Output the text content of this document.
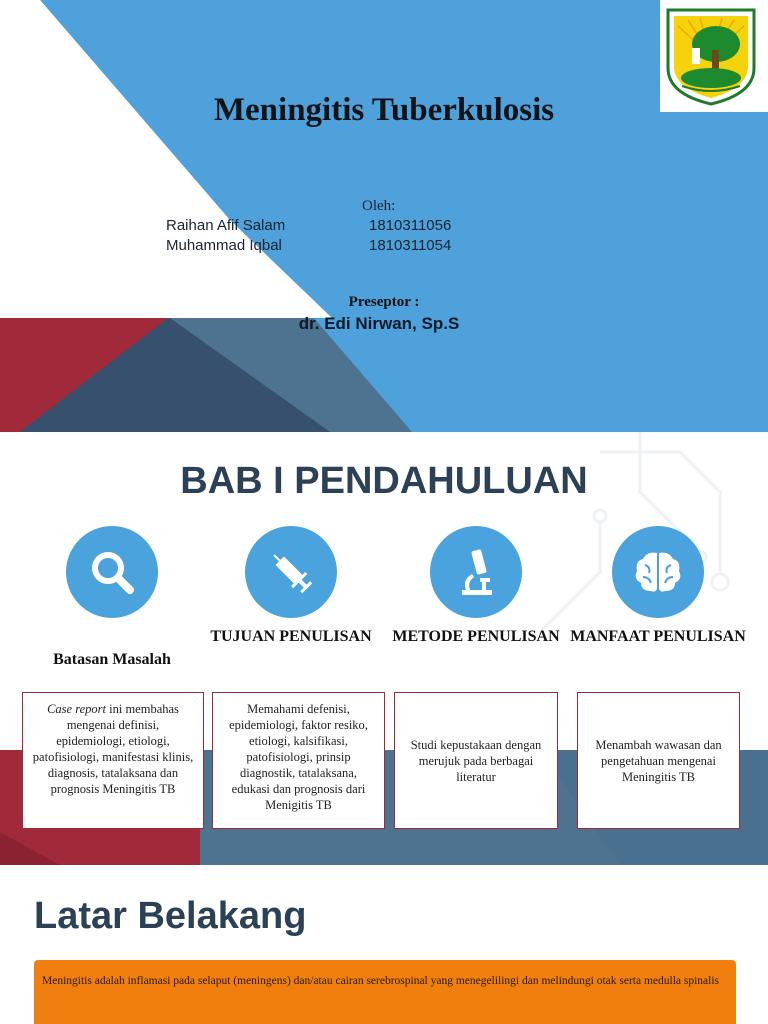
Meningitis Tuberkulosis
Oleh:
Raihan Afif Salam	1810311056
Muhammad Iqbal	1810311054
Preseptor :
dr. Edi Nirwan, Sp.S
BAB I PENDAHULUAN
Batasan Masalah
TUJUAN PENULISAN	METODE PENULISAN MANFAAT PENULISAN
Case report ini membahas mengenai definisi, epidemiologi, etiologi, patofisiologi, manifestasi klinis, diagnosis, tatalaksana dan prognosis Meningitis TB
Memahami defenisi, epidemiologi, faktor resiko, etiologi, kalsifikasi, patofisiologi, prinsip diagnostik, tatalaksana, edukasi dan prognosis dari Menigitis TB
Studi kepustakaan dengan merujuk pada berbagai literatur
Menambah wawasan dan pengetahuan mengenai Meningitis TB
Latar Belakang

Meningitis adalah inflamasi pada selaput (meningens) dan/atau cairan serebrospinal yang menegelilingi dan melindungi otak serta medulla spinalis
